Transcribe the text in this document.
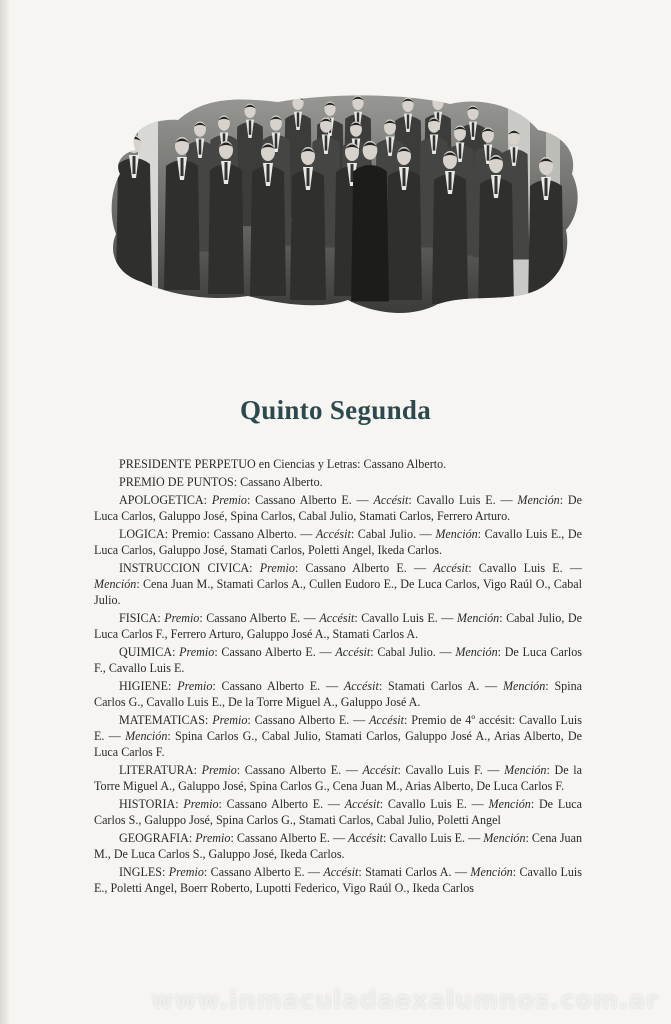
Quinto Segunda

PRESIDENTE PERPETUO en Ciencias y Letras: Cassano Alberto.

PREMIO DE PUNTOS: Cassano Alberto.

APOLOGETICA: Premio: Cassano Alberto E. — Accésit: Cavallo Luis E. — Mención: De Luca Carlos, Galuppo José, Spina Carlos, Cabal Julio, Stamati Carlos, Ferrero Arturo.

LOGICA: Premio: Cassano Alberto. — Accésit: Cabal Julio. — Mención: Cavallo Luis E., De Luca Carlos, Galuppo José, Stamati Carlos, Poletti Angel, Ikeda Carlos.

INSTRUCCION CIVICA: Premio: Cassano Alberto E. — Accésit: Cavallo Luis E. — Mención: Cena Juan M., Stamati Carlos A., Cullen Eudoro E., De Luca Carlos, Vigo Raúl O., Cabal Julio.

FISICA: Premio: Cassano Alberto E. — Accésit: Cavallo Luis E. — Mención: Cabal Julio, De Luca Carlos F., Ferrero Arturo, Galuppo José A., Stamati Carlos A.

QUIMICA: Premio: Cassano Alberto E. — Accésit: Cabal Julio. — Mención: De Luca Carlos F., Cavallo Luis E.

HIGIENE: Premio: Cassano Alberto E. — Accésit: Stamati Carlos A. — Mención: Spina Carlos G., Cavallo Luis E., De la Torre Miguel A., Galuppo José A.

MATEMATICAS: Premio: Cassano Alberto E. — Accésit: Premio de 4º accésit: Cavallo Luis E. — Mención: Spina Carlos G., Cabal Julio, Stamati Carlos, Galuppo José A., Arias Alberto, De Luca Carlos F.

LITERATURA: Premio: Cassano Alberto E. — Accésit: Cavallo Luis F. — Mención: De la Torre Miguel A., Galuppo José, Spina Carlos G., Cena Juan M., Arias Alberto, De Luca Carlos F.

HISTORIA: Premio: Cassano Alberto E. — Accésit: Cavallo Luis E. — Mención: De Luca Carlos S., Galuppo José, Spina Carlos G., Stamati Carlos, Cabal Julio, Poletti Angel

GEOGRAFIA: Premio: Cassano Alberto E. — Accésit: Cavallo Luis E. — Mención: Cena Juan M., De Luca Carlos S., Galuppo José, Ikeda Carlos.

INGLES: Premio: Cassano Alberto E. — Accésit: Stamati Carlos A. — Mención: Cavallo Luis E., Poletti Angel, Boerr Roberto, Lupotti Federico, Vigo Raúl O., Ikeda Carlos

www.inmaculadaexalumnos.com.ar
